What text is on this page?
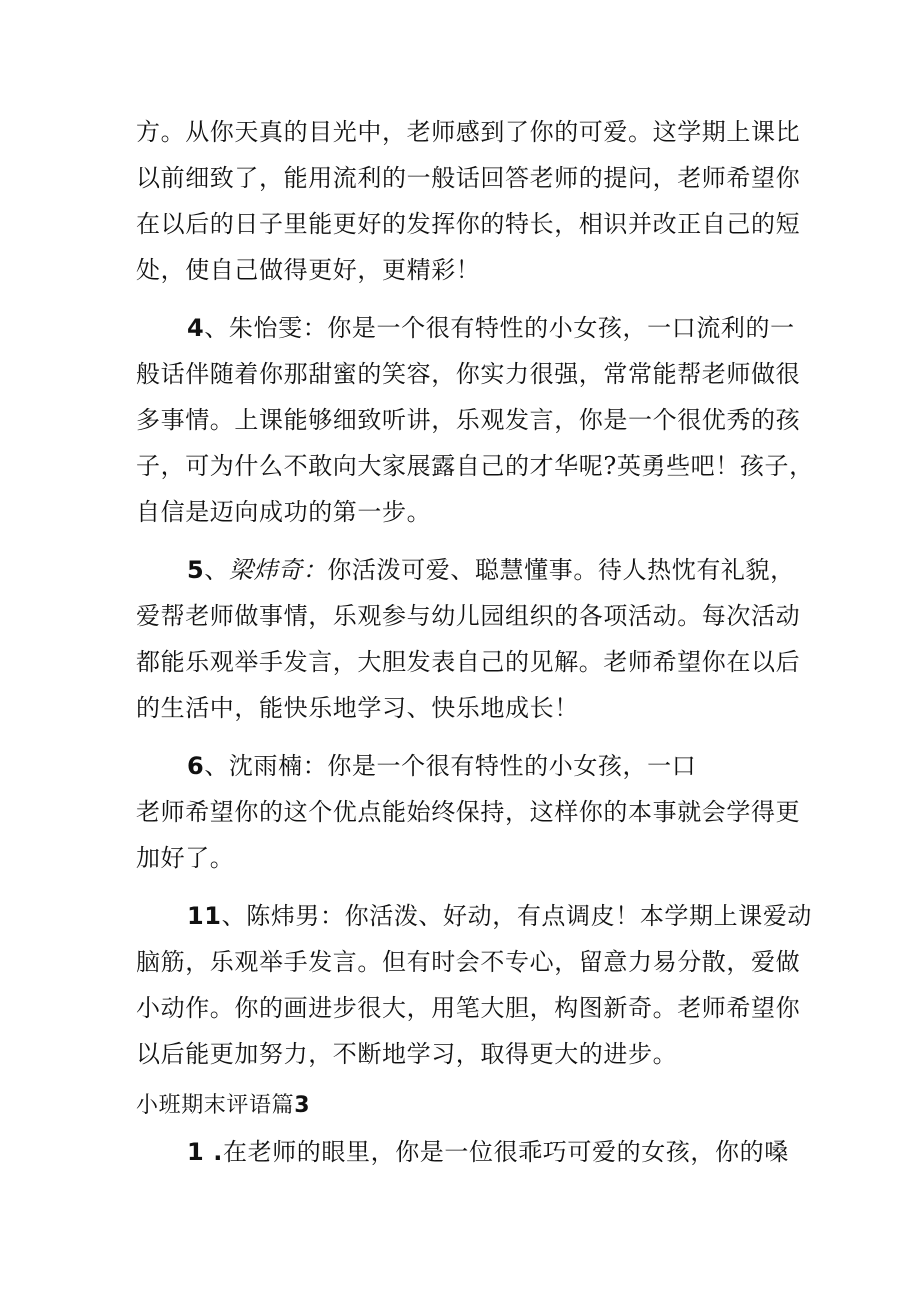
方。从你天真的目光中，老师感到了你的可爱。这学期上课比
以前细致了，能用流利的一般话回答老师的提问，老师希望你
在以后的日子里能更好的发挥你的特长，相识并改正自己的短
处，使自己做得更好，更精彩！
4、朱怡雯：你是一个很有特性的小女孩，一口流利的一
般话伴随着你那甜蜜的笑容，你实力很强，常常能帮老师做很
多事情。上课能够细致听讲，乐观发言，你是一个很优秀的孩
子，可为什么不敢向大家展露自己的才华呢?英勇些吧！孩子，
自信是迈向成功的第一步。
5、梁炜奇：你活泼可爱、聪慧懂事。待人热忱有礼貌，
爱帮老师做事情，乐观参与幼儿园组织的各项活动。每次活动
都能乐观举手发言，大胆发表自己的见解。老师希望你在以后
的生活中，能快乐地学习、快乐地成长！
6、沈雨楠：你是一个很有特性的小女孩，一口
老师希望你的这个优点能始终保持，这样你的本事就会学得更
加好了。
11、陈炜男：你活泼、好动，有点调皮！本学期上课爱动
脑筋，乐观举手发言。但有时会不专心，留意力易分散，爱做
小动作。你的画进步很大，用笔大胆，构图新奇。老师希望你
以后能更加努力，不断地学习，取得更大的进步。
小班期末评语篇3
1 .在老师的眼里，你是一位很乖巧可爱的女孩，你的嗓
